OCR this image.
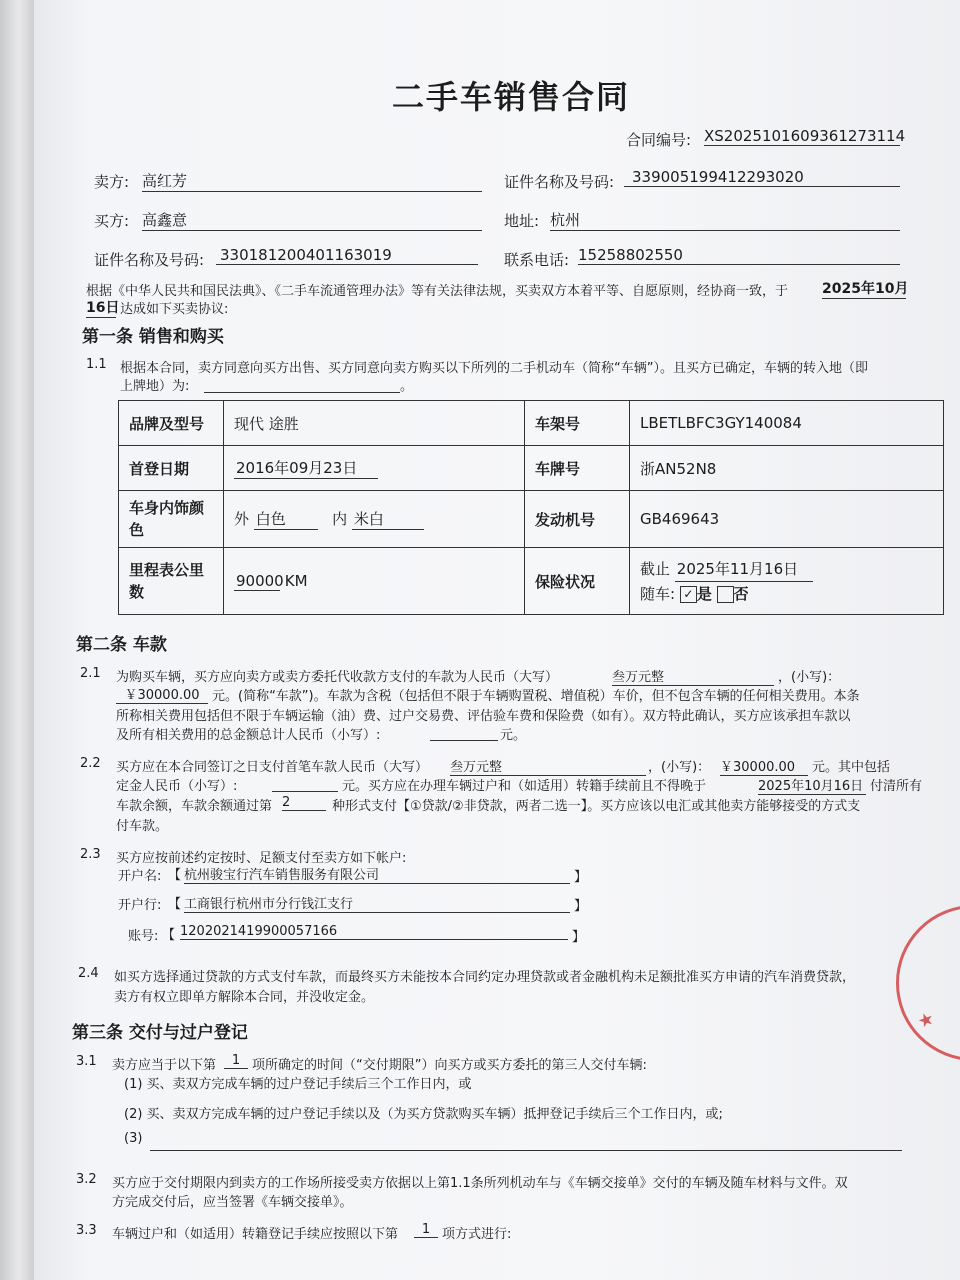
二手车销售合同
合同编号: XS2025101609361273114
卖方: 高红芳	证件名称及号码:	339005199412293020
买方: 高鑫意	地址: 杭州
证件名称及号码: 330181200401163019	联系电话: 15258802550
根据《中华人民共和国民法典》、《二手车流通管理办法》等有关法律法规，买卖双方本着平等、自愿原则，经协商一致，于 2025年10月
16日 达成如下买卖协议:
第一条 销售和购买
1.1 根据本合同，卖方同意向买方出售、买方同意向卖方购买以下所列的二手机动车（简称“车辆”）。且买方已确定，车辆的转入地（即
上牌地）为:	。
品牌及型号	现代 途胜	车架号	LBETLBFC3GY140084
首登日期	2016年09月23日	车牌号	浙AN52N8
车身内饰颜
色	外 白色 内 米白	发动机号	GB469643
里程表公里
数	90000 KM	保险状况	截止 2025年11月16日
随车: ✓ 是 否
第二条 车款
2.1 为购买车辆，买方应向卖方或卖方委托代收款方支付的车款为人民币（大写）	叁万元整	，(小写)：
￥30000.00 元。(简称“车款”)。车款为含税（包括但不限于车辆购置税、增值税）车价，但不包含车辆的任何相关费用。本条
所称相关费用包括但不限于车辆运输（油）费、过户交易费、评估验车费和保险费（如有）。双方特此确认，买方应该承担车款以
及所有相关费用的总金额总计人民币（小写）:	元。
2.2 买方应在本合同签订之日支付首笔车款人民币（大写） 叁万元整	，(小写)： ￥30000.00	元。其中包括
定金人民币（小写）:	元。买方应在办理车辆过户和（如适用）转籍手续前且不得晚于	2025年10月16日 付清所有
车款余额，车款余额通过第 2	种形式支付【①贷款/②非贷款，两者二选一】。买方应该以电汇或其他卖方能够接受的方式支
付车款。
2.3 买方应按前述约定按时、足额支付至卖方如下帐户:
开户名: 【 杭州骏宝行汽车销售服务有限公司	】
开户行: 【 工商银行杭州市分行钱江支行	】
账号: 【 1202021419900057166	】
2.4 如买方选择通过贷款的方式支付车款，而最终买方未能按本合同约定办理贷款或者金融机构未足额批准买方申请的汽车消费贷款，
卖方有权立即单方解除本合同，并没收定金。
第三条 交付与过户登记
3.1 卖方应当于以下第	1 项所确定的时间（“交付期限”）向买方或买方委托的第三人交付车辆:
(1) 买、卖双方完成车辆的过户登记手续后三个工作日内，或
(2) 买、卖双方完成车辆的过户登记手续以及（为买方贷款购买车辆）抵押登记手续后三个工作日内，或;
(3)
3.2 买方应于交付期限内到卖方的工作场所接受卖方依据以上第1.1条所列机动车与《车辆交接单》交付的车辆及随车材料与文件。双
方完成交付后，应当签署《车辆交接单》。
3.3 车辆过户和（如适用）转籍登记手续应按照以下第	1 项方式进行:
★
